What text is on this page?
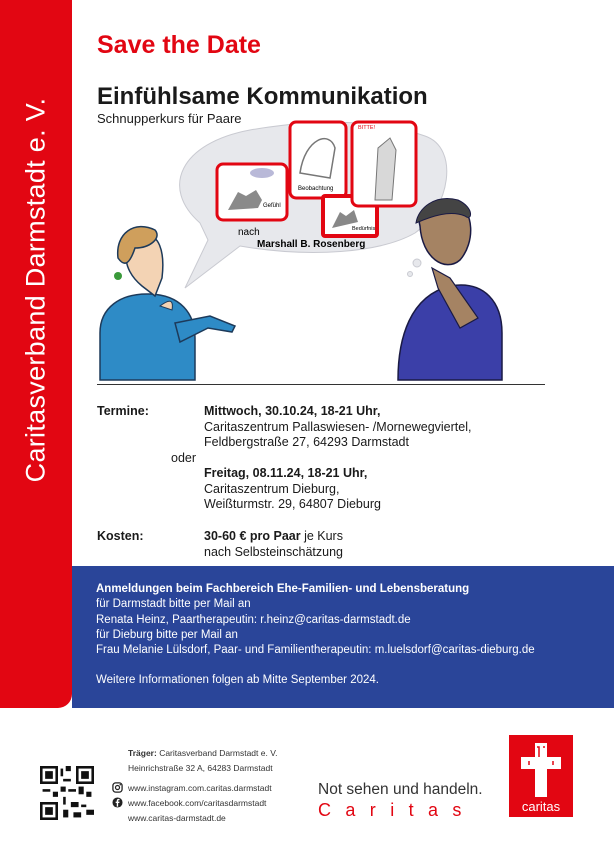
Caritasverband Darmstadt e. V.
Save the Date
Einfühlsame Kommunikation
Schnupperkurs für Paare
Gefühl
Beobachtung
Bedürfnis
BITTE!
nach
Marshall B. Rosenberg
Termine:	Mittwoch, 30.10.24, 18-21 Uhr,
Caritaszentrum Pallaswiesen- /Mornewegviertel,
Feldbergstraße 27, 64293 Darmstadt
oder
Freitag, 08.11.24, 18-21 Uhr,
Caritaszentrum Dieburg,
Weißturmstr. 29, 64807 Dieburg
Kosten:	30-60 € pro Paar je Kurs
nach Selbsteinschätzung
Anmeldungen beim Fachbereich Ehe-Familien- und Lebensberatung
für Darmstadt bitte per Mail an
Renata Heinz, Paartherapeutin: r.heinz@caritas-darmstadt.de
für Dieburg bitte per Mail an
Frau Melanie Lülsdorf, Paar- und Familientherapeutin: m.luelsdorf@caritas-dieburg.de
Weitere Informationen folgen ab Mitte September 2024.
Träger: Caritasverband Darmstadt e. V.
Heinrichstraße 32 A, 64283 Darmstadt
www.instagram.com.caritas.darmstadt
www.facebook.com/caritasdarmstadt
www.caritas-darmstadt.de
Not sehen und handeln.
Caritas	caritas
